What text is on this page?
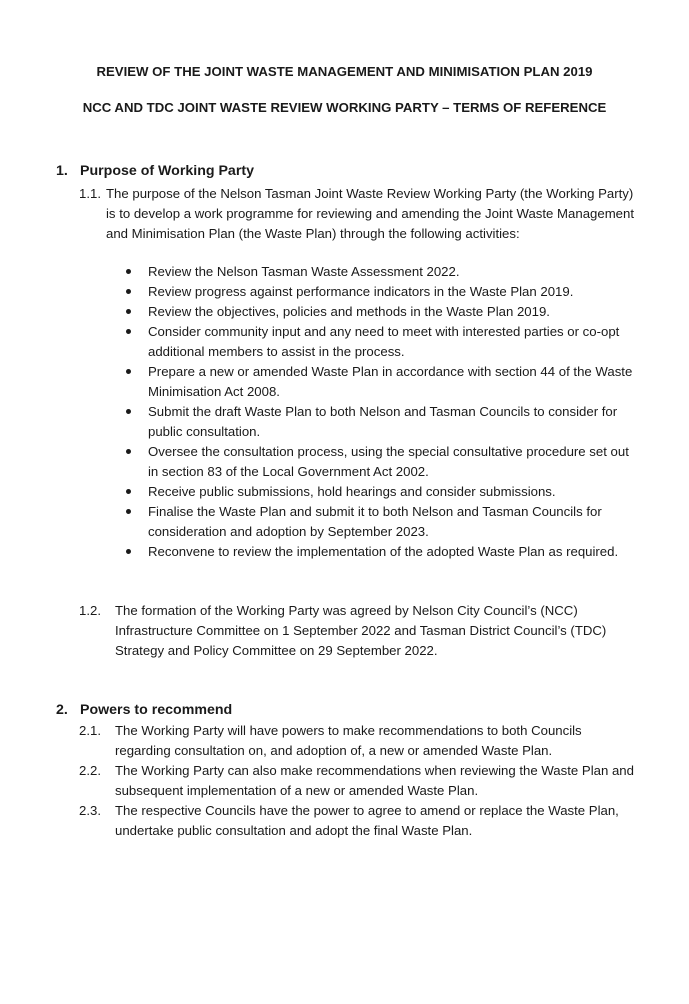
REVIEW OF THE JOINT WASTE MANAGEMENT AND MINIMISATION PLAN 2019
NCC AND TDC JOINT WASTE REVIEW WORKING PARTY – TERMS OF REFERENCE
1. Purpose of Working Party
1.1. The purpose of the Nelson Tasman Joint Waste Review Working Party (the Working Party) is to develop a work programme for reviewing and amending the Joint Waste Management and Minimisation Plan (the Waste Plan) through the following activities:
Review the Nelson Tasman Waste Assessment 2022.
Review progress against performance indicators in the Waste Plan 2019.
Review the objectives, policies and methods in the Waste Plan 2019.
Consider community input and any need to meet with interested parties or co-opt additional members to assist in the process.
Prepare a new or amended Waste Plan in accordance with section 44 of the Waste Minimisation Act 2008.
Submit the draft Waste Plan to both Nelson and Tasman Councils to consider for public consultation.
Oversee the consultation process, using the special consultative procedure set out in section 83 of the Local Government Act 2002.
Receive public submissions, hold hearings and consider submissions.
Finalise the Waste Plan and submit it to both Nelson and Tasman Councils for consideration and adoption by September 2023.
Reconvene to review the implementation of the adopted Waste Plan as required.
1.2. The formation of the Working Party was agreed by Nelson City Council’s (NCC) Infrastructure Committee on 1 September 2022 and Tasman District Council’s (TDC) Strategy and Policy Committee on 29 September 2022.
2. Powers to recommend
2.1. The Working Party will have powers to make recommendations to both Councils regarding consultation on, and adoption of, a new or amended Waste Plan.
2.2. The Working Party can also make recommendations when reviewing the Waste Plan and subsequent implementation of a new or amended Waste Plan.
2.3. The respective Councils have the power to agree to amend or replace the Waste Plan, undertake public consultation and adopt the final Waste Plan.
